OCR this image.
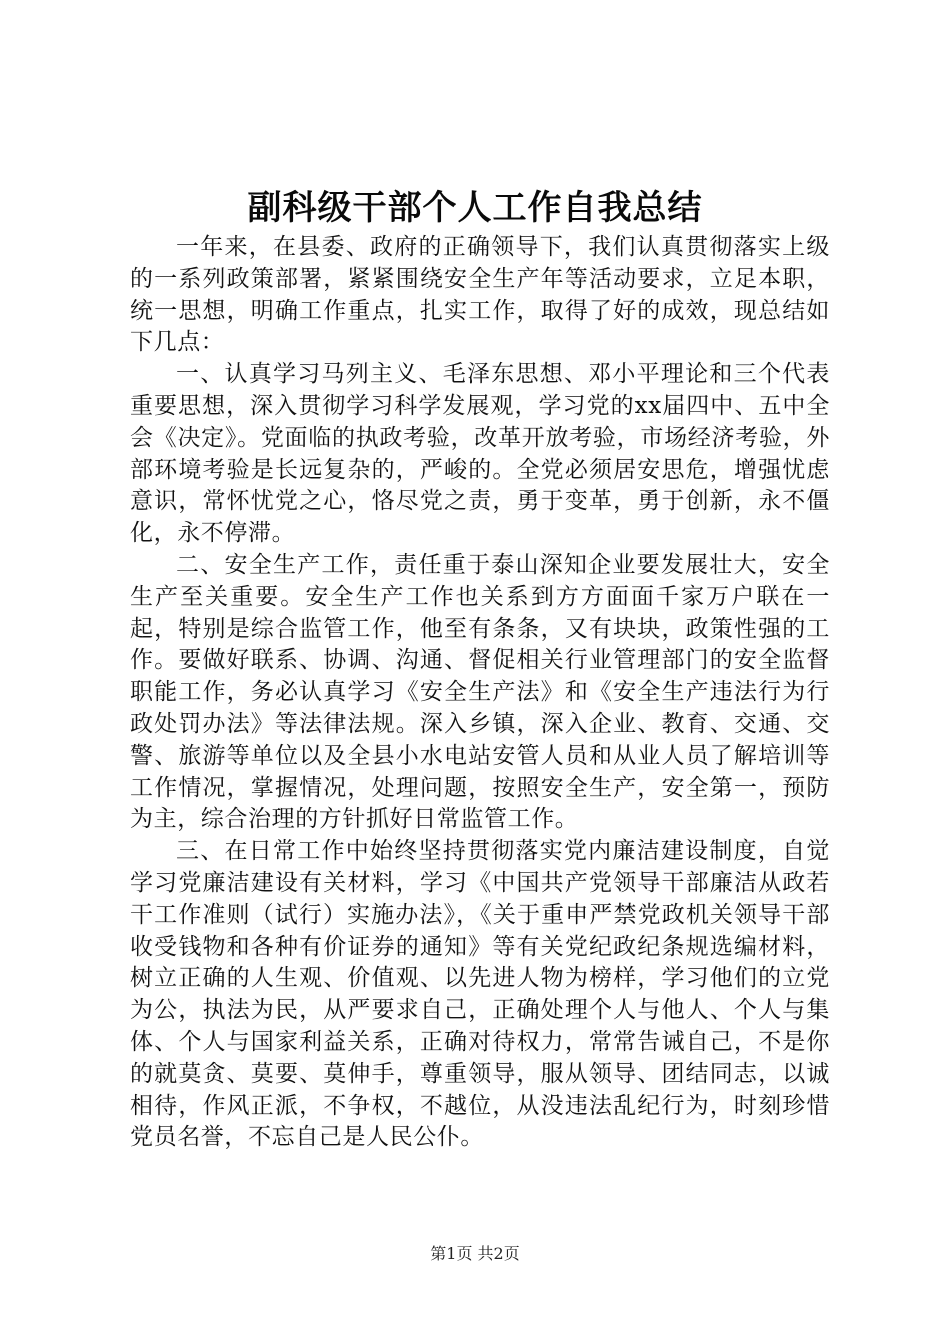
副科级干部个人工作自我总结

一年来，在县委、政府的正确领导下，我们认真贯彻落实上级的一系列政策部署，紧紧围绕安全生产年等活动要求，立足本职，统一思想，明确工作重点，扎实工作，取得了好的成效，现总结如下几点：

一、认真学习马列主义、毛泽东思想、邓小平理论和三个代表重要思想，深入贯彻学习科学发展观，学习党的xx届四中、五中全会《决定》。党面临的执政考验，改革开放考验，市场经济考验，外部环境考验是长远复杂的，严峻的。全党必须居安思危，增强忧虑意识，常怀忧党之心，恪尽党之责，勇于变革，勇于创新，永不僵化，永不停滞。

二、安全生产工作，责任重于泰山深知企业要发展壮大，安全生产至关重要。安全生产工作也关系到方方面面千家万户联在一起，特别是综合监管工作，他至有条条，又有块块，政策性强的工作。要做好联系、协调、沟通、督促相关行业管理部门的安全监督职能工作，务必认真学习《安全生产法》和《安全生产违法行为行政处罚办法》等法律法规。深入乡镇，深入企业、教育、交通、交警、旅游等单位以及全县小水电站安管人员和从业人员了解培训等工作情况，掌握情况，处理问题，按照安全生产，安全第一，预防为主，综合治理的方针抓好日常监管工作。

三、在日常工作中始终坚持贯彻落实党内廉洁建设制度，自觉学习党廉洁建设有关材料，学习《中国共产党领导干部廉洁从政若干工作准则（试行）实施办法》，《关于重申严禁党政机关领导干部收受钱物和各种有价证券的通知》等有关党纪政纪条规选编材料，树立正确的人生观、价值观、以先进人物为榜样，学习他们的立党为公，执法为民，从严要求自己，正确处理个人与他人、个人与集体、个人与国家利益关系，正确对待权力，常常告诫自己，不是你的就莫贪、莫要、莫伸手，尊重领导，服从领导、团结同志，以诚相待，作风正派，不争权，不越位，从没违法乱纪行为，时刻珍惜党员名誉，不忘自己是人民公仆。

第1页 共2页
